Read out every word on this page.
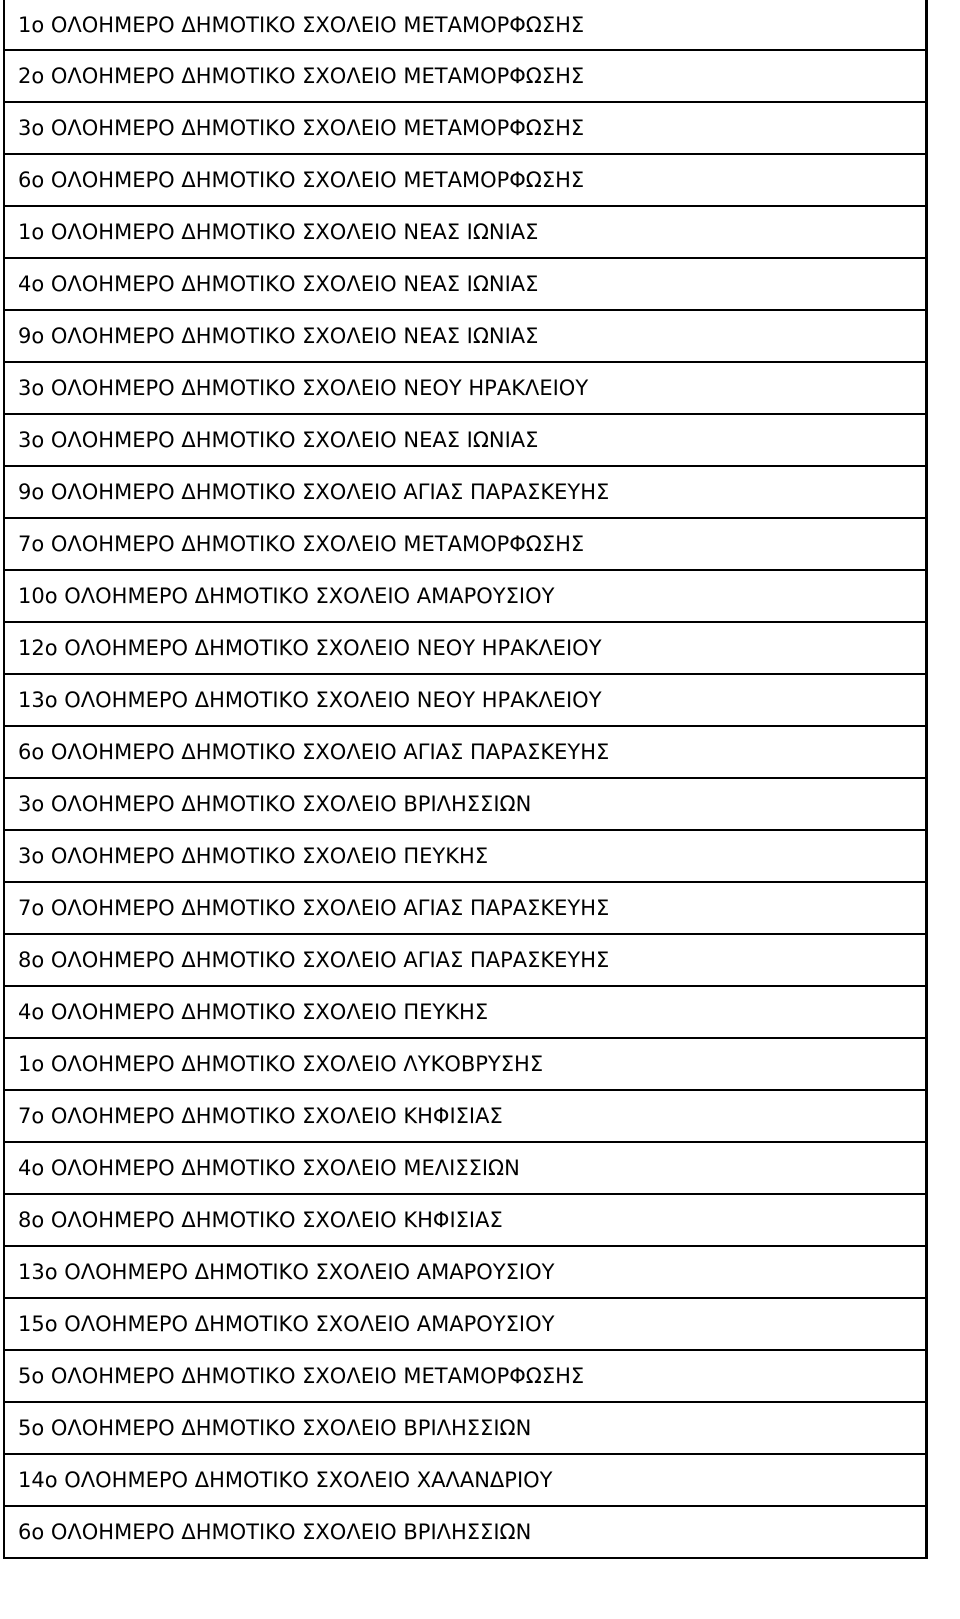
1ο ΟΛΟΗΜΕΡΟ ΔΗΜΟΤΙΚΟ ΣΧΟΛΕΙΟ ΜΕΤΑΜΟΡΦΩΣΗΣ
2ο ΟΛΟΗΜΕΡΟ ΔΗΜΟΤΙΚΟ ΣΧΟΛΕΙΟ ΜΕΤΑΜΟΡΦΩΣΗΣ
3ο ΟΛΟΗΜΕΡΟ ΔΗΜΟΤΙΚΟ ΣΧΟΛΕΙΟ ΜΕΤΑΜΟΡΦΩΣΗΣ
6ο ΟΛΟΗΜΕΡΟ ΔΗΜΟΤΙΚΟ ΣΧΟΛΕΙΟ ΜΕΤΑΜΟΡΦΩΣΗΣ
1ο ΟΛΟΗΜΕΡΟ ΔΗΜΟΤΙΚΟ ΣΧΟΛΕΙΟ ΝΕΑΣ ΙΩΝΙΑΣ
4ο ΟΛΟΗΜΕΡΟ ΔΗΜΟΤΙΚΟ ΣΧΟΛΕΙΟ ΝΕΑΣ ΙΩΝΙΑΣ
9ο ΟΛΟΗΜΕΡΟ ΔΗΜΟΤΙΚΟ ΣΧΟΛΕΙΟ ΝΕΑΣ ΙΩΝΙΑΣ
3ο ΟΛΟΗΜΕΡΟ ΔΗΜΟΤΙΚΟ ΣΧΟΛΕΙΟ ΝΕΟΥ ΗΡΑΚΛΕΙΟΥ
3ο ΟΛΟΗΜΕΡΟ ΔΗΜΟΤΙΚΟ ΣΧΟΛΕΙΟ ΝΕΑΣ ΙΩΝΙΑΣ
9ο ΟΛΟΗΜΕΡΟ ΔΗΜΟΤΙΚΟ ΣΧΟΛΕΙΟ ΑΓΙΑΣ ΠΑΡΑΣΚΕΥΗΣ
7ο ΟΛΟΗΜΕΡΟ ΔΗΜΟΤΙΚΟ ΣΧΟΛΕΙΟ ΜΕΤΑΜΟΡΦΩΣΗΣ
10ο ΟΛΟΗΜΕΡΟ ΔΗΜΟΤΙΚΟ ΣΧΟΛΕΙΟ ΑΜΑΡΟΥΣΙΟΥ
12ο ΟΛΟΗΜΕΡΟ ΔΗΜΟΤΙΚΟ ΣΧΟΛΕΙΟ ΝΕΟΥ ΗΡΑΚΛΕΙΟΥ
13ο ΟΛΟΗΜΕΡΟ ΔΗΜΟΤΙΚΟ ΣΧΟΛΕΙΟ ΝΕΟΥ ΗΡΑΚΛΕΙΟΥ
6ο ΟΛΟΗΜΕΡΟ ΔΗΜΟΤΙΚΟ ΣΧΟΛΕΙΟ ΑΓΙΑΣ ΠΑΡΑΣΚΕΥΗΣ
3ο ΟΛΟΗΜΕΡΟ ΔΗΜΟΤΙΚΟ ΣΧΟΛΕΙΟ ΒΡΙΛΗΣΣΙΩΝ
3ο ΟΛΟΗΜΕΡΟ ΔΗΜΟΤΙΚΟ ΣΧΟΛΕΙΟ ΠΕΥΚΗΣ
7ο ΟΛΟΗΜΕΡΟ ΔΗΜΟΤΙΚΟ ΣΧΟΛΕΙΟ ΑΓΙΑΣ ΠΑΡΑΣΚΕΥΗΣ
8ο ΟΛΟΗΜΕΡΟ ΔΗΜΟΤΙΚΟ ΣΧΟΛΕΙΟ ΑΓΙΑΣ ΠΑΡΑΣΚΕΥΗΣ
4ο ΟΛΟΗΜΕΡΟ ΔΗΜΟΤΙΚΟ ΣΧΟΛΕΙΟ ΠΕΥΚΗΣ
1ο ΟΛΟΗΜΕΡΟ ΔΗΜΟΤΙΚΟ ΣΧΟΛΕΙΟ ΛΥΚΟΒΡΥΣΗΣ
7ο ΟΛΟΗΜΕΡΟ ΔΗΜΟΤΙΚΟ ΣΧΟΛΕΙΟ ΚΗΦΙΣΙΑΣ
4ο ΟΛΟΗΜΕΡΟ ΔΗΜΟΤΙΚΟ ΣΧΟΛΕΙΟ ΜΕΛΙΣΣΙΩΝ
8ο ΟΛΟΗΜΕΡΟ ΔΗΜΟΤΙΚΟ ΣΧΟΛΕΙΟ ΚΗΦΙΣΙΑΣ
13ο ΟΛΟΗΜΕΡΟ ΔΗΜΟΤΙΚΟ ΣΧΟΛΕΙΟ ΑΜΑΡΟΥΣΙΟΥ
15ο ΟΛΟΗΜΕΡΟ ΔΗΜΟΤΙΚΟ ΣΧΟΛΕΙΟ ΑΜΑΡΟΥΣΙΟΥ
5ο ΟΛΟΗΜΕΡΟ ΔΗΜΟΤΙΚΟ ΣΧΟΛΕΙΟ ΜΕΤΑΜΟΡΦΩΣΗΣ
5ο ΟΛΟΗΜΕΡΟ ΔΗΜΟΤΙΚΟ ΣΧΟΛΕΙΟ ΒΡΙΛΗΣΣΙΩΝ
14ο ΟΛΟΗΜΕΡΟ ΔΗΜΟΤΙΚΟ ΣΧΟΛΕΙΟ ΧΑΛΑΝΔΡΙΟΥ
6ο ΟΛΟΗΜΕΡΟ ΔΗΜΟΤΙΚΟ ΣΧΟΛΕΙΟ ΒΡΙΛΗΣΣΙΩΝ
